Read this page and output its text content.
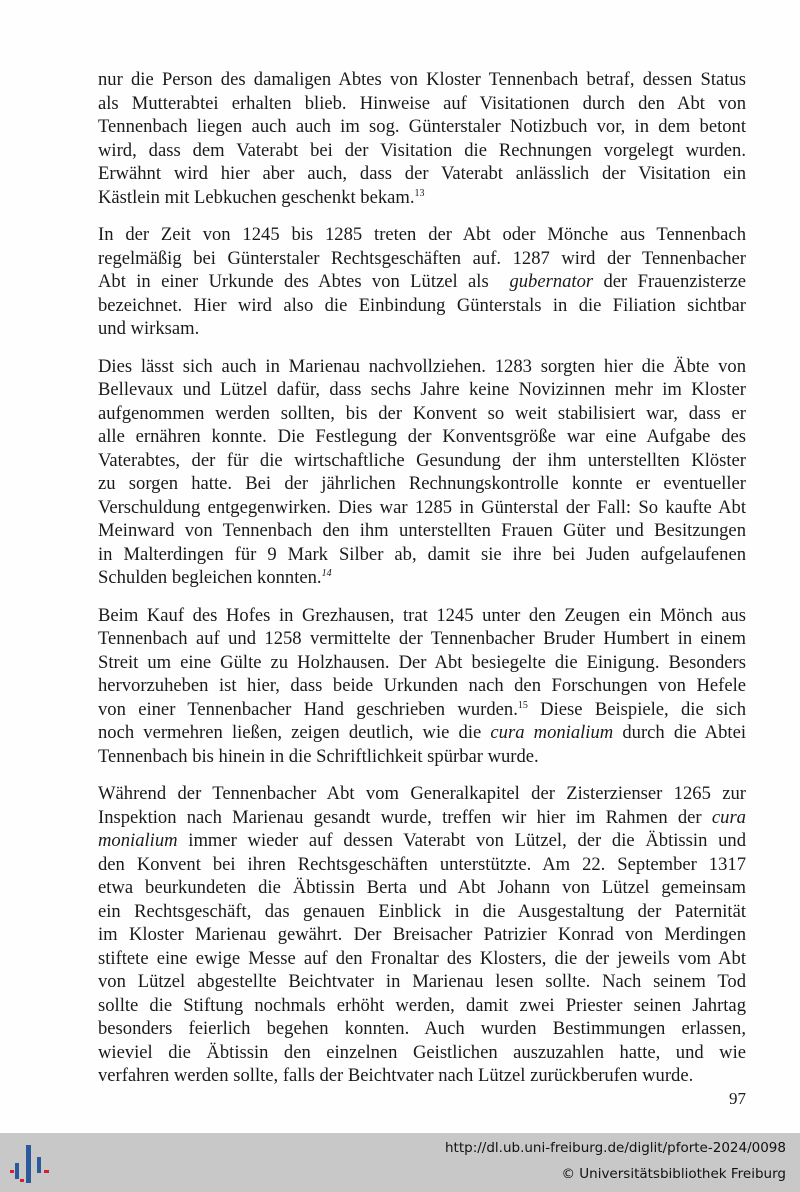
nur die Person des damaligen Abtes von Kloster Tennenbach betraf, dessen Status
als Mutterabtei erhalten blieb. Hinweise auf Visitationen durch den Abt von
Tennenbach liegen auch auch im sog. Günterstaler Notizbuch vor, in dem betont
wird, dass dem Vaterabt bei der Visitation die Rechnungen vorgelegt wurden.
Erwähnt wird hier aber auch, dass der Vaterabt anlässlich der Visitation ein
Kästlein mit Lebkuchen geschenkt bekam.$^{13}$

In der Zeit von 1245 bis 1285 treten der Abt oder Mönche aus Tennenbach
regelmäßig bei Günterstaler Rechtsgeschäften auf. 1287 wird der Tennenbacher
Abt in einer Urkunde des Abtes von Lützel als gubernator der Frauenzisterze
bezeichnet. Hier wird also die Einbindung Günterstals in die Filiation sichtbar
und wirksam.

Dies lässt sich auch in Marienau nachvollziehen. 1283 sorgten hier die Äbte von
Bellevaux und Lützel dafür, dass sechs Jahre keine Novizinnen mehr im Kloster
aufgenommen werden sollten, bis der Konvent so weit stabilisiert war, dass er
alle ernähren konnte. Die Festlegung der Konventsgröße war eine Aufgabe des
Vaterabtes, der für die wirtschaftliche Gesundung der ihm unterstellten Klöster
zu sorgen hatte. Bei der jährlichen Rechnungskontrolle konnte er eventueller
Verschuldung entgegenwirken. Dies war 1285 in Günterstal der Fall: So kaufte Abt
Meinward von Tennenbach den ihm unterstellten Frauen Güter und Besitzungen
in Malterdingen für 9 Mark Silber ab, damit sie ihre bei Juden aufgelaufenen
Schulden begleichen konnten.$^{14}$

Beim Kauf des Hofes in Grezhausen, trat 1245 unter den Zeugen ein Mönch aus
Tennenbach auf und 1258 vermittelte der Tennenbacher Bruder Humbert in einem
Streit um eine Gülte zu Holzhausen. Der Abt besiegelte die Einigung. Besonders
hervorzuheben ist hier, dass beide Urkunden nach den Forschungen von Hefele
von einer Tennenbacher Hand geschrieben wurden.$^{15}$ Diese Beispiele, die sich
noch vermehren ließen, zeigen deutlich, wie die cura monialium durch die Abtei
Tennenbach bis hinein in die Schriftlichkeit spürbar wurde.

Während der Tennenbacher Abt vom Generalkapitel der Zisterzienser 1265 zur
Inspektion nach Marienau gesandt wurde, treffen wir hier im Rahmen der cura
monialium immer wieder auf dessen Vaterabt von Lützel, der die Äbtissin und
den Konvent bei ihren Rechtsgeschäften unterstützte. Am 22. September 1317
etwa beurkundeten die Äbtissin Berta und Abt Johann von Lützel gemeinsam
ein Rechtsgeschäft, das genauen Einblick in die Ausgestaltung der Paternität
im Kloster Marienau gewährt. Der Breisacher Patrizier Konrad von Merdingen
stiftete eine ewige Messe auf den Fronaltar des Klosters, die der jeweils vom Abt
von Lützel abgestellte Beichtvater in Marienau lesen sollte. Nach seinem Tod
sollte die Stiftung nochmals erhöht werden, damit zwei Priester seinen Jahrtag
besonders feierlich begehen konnten. Auch wurden Bestimmungen erlassen,
wieviel die Äbtissin den einzelnen Geistlichen auszuzahlen hatte, und wie
verfahren werden sollte, falls der Beichtvater nach Lützel zurückberufen wurde.

97
http://dl.ub.uni-freiburg.de/diglit/pforte-2024/0098
© Universitätsbibliothek Freiburg
